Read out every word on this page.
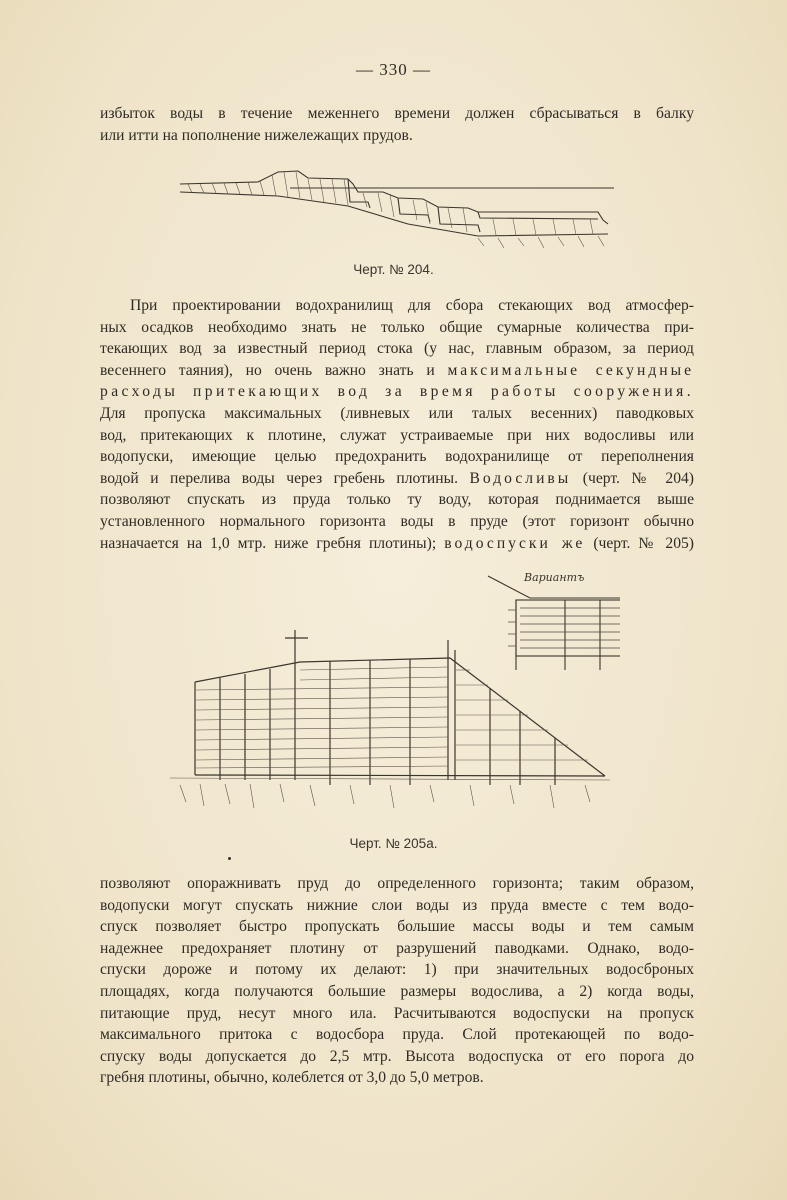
— 330 —
избыток воды в течение меженнего времени должен сбрасываться в балку
или итти на пополнение нижележащих прудов.
Черт. № 204.
При проектировании водохранилищ для сбора стекающих вод атмосфер-
ных осадков необходимо знать не только общие сумарные количества при-
текающих вод за известный период стока (у нас, главным образом, за период
весеннего таяния), но очень важно знать и максимальные секундные
расходы притекающих вод за время работы сооружения.
Для пропуска максимальных (ливневых или талых весенних) паводковых
вод, притекающих к плотине, служат устраиваемые при них водосливы или
водопуски, имеющие целью предохранить водохранилище от переполнения
водой и перелива воды через гребень плотины. Водосливы (черт. № 204)
позволяют спускать из пруда только ту воду, которая поднимается выше
установленного нормального горизонта воды в пруде (этот горизонт обычно
назначается на 1,0 мтр. ниже гребня плотины); водоспуски же (черт. № 205)
Вариантъ
Черт. № 205а.
позволяют опоражнивать пруд до определенного горизонта; таким образом,
водопуски могут спускать нижние слои воды из пруда вместе с тем водо-
спуск позволяет быстро пропускать большие массы воды и тем самым
надежнее предохраняет плотину от разрушений паводками. Однако, водо-
спуски дороже и потому их делают: 1) при значительных водосброных
площадях, когда получаются большие размеры водослива, а 2) когда воды,
питающие пруд, несут много ила. Расчитываются водоспуски на пропуск
максимального притока с водосбора пруда. Слой протекающей по водо-
спуску воды допускается до 2,5 мтр. Высота водоспуска от его порога до
гребня плотины, обычно, колеблется от 3,0 до 5,0 метров.
